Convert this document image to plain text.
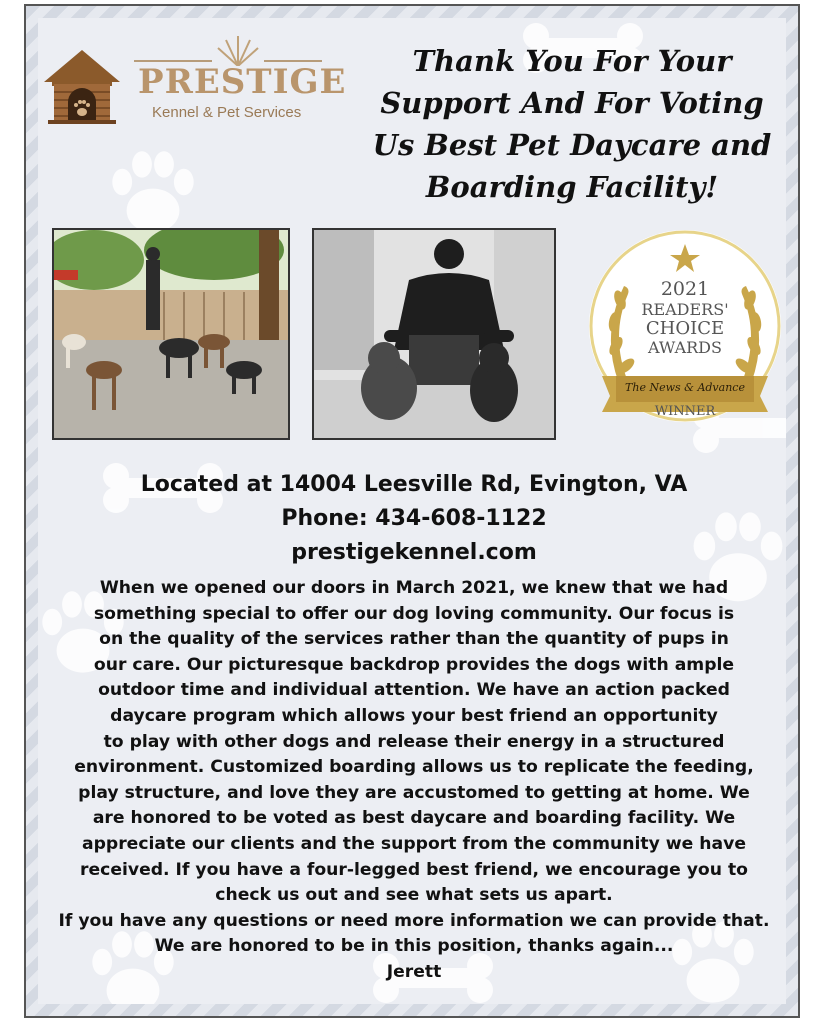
PRESTIGE
Kennel & Pet Services
Thank You For Your
Support And For Voting
Us Best Pet Daycare and
Boarding Facility!
2021
READERS'
CHOICE
AWARDS
The News & Advance
WINNER
Located at 14004 Leesville Rd, Evington, VA
Phone: 434-608-1122
prestigekennel.com
When we opened our doors in March 2021, we knew that we had
something special to offer our dog loving community. Our focus is
on the quality of the services rather than the quantity of pups in
our care. Our picturesque backdrop provides the dogs with ample
outdoor time and individual attention. We have an action packed
daycare program which allows your best friend an opportunity
to play with other dogs and release their energy in a structured
environment. Customized boarding allows us to replicate the feeding,
play structure, and love they are accustomed to getting at home. We
are honored to be voted as best daycare and boarding facility. We
appreciate our clients and the support from the community we have
received. If you have a four-legged best friend, we encourage you to
check us out and see what sets us apart.
If you have any questions or need more information we can provide that.
We are honored to be in this position, thanks again...
Jerett
